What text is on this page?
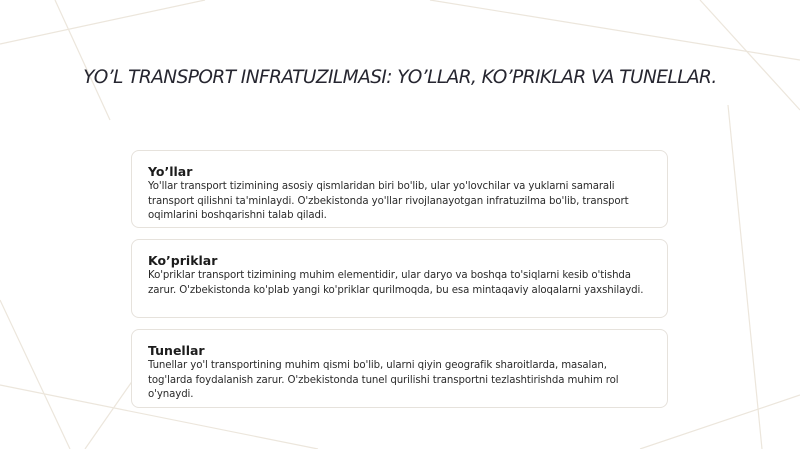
YO’L TRANSPORT INFRATUZILMASI: YO’LLAR, KO’PRIKLAR VA TUNELLAR.
Yo’llar

Yo'llar transport tizimining asosiy qismlaridan biri bo'lib, ular yo'lovchilar va yuklarni samarali transport qilishni ta'minlaydi. O'zbekistonda yo'llar rivojlanayotgan infratuzilma bo'lib, transport oqimlarini boshqarishni talab qiladi.

Ko’priklar

Ko'priklar transport tizimining muhim elementidir, ular daryo va boshqa to'siqlarni kesib o'tishda zarur. O'zbekistonda ko'plab yangi ko'priklar qurilmoqda, bu esa mintaqaviy aloqalarni yaxshilaydi.

Tunellar

Tunellar yo'l transportining muhim qismi bo'lib, ularni qiyin geografik sharoitlarda, masalan, tog'larda foydalanish zarur. O'zbekistonda tunel qurilishi transportni tezlashtirishda muhim rol o'ynaydi.
